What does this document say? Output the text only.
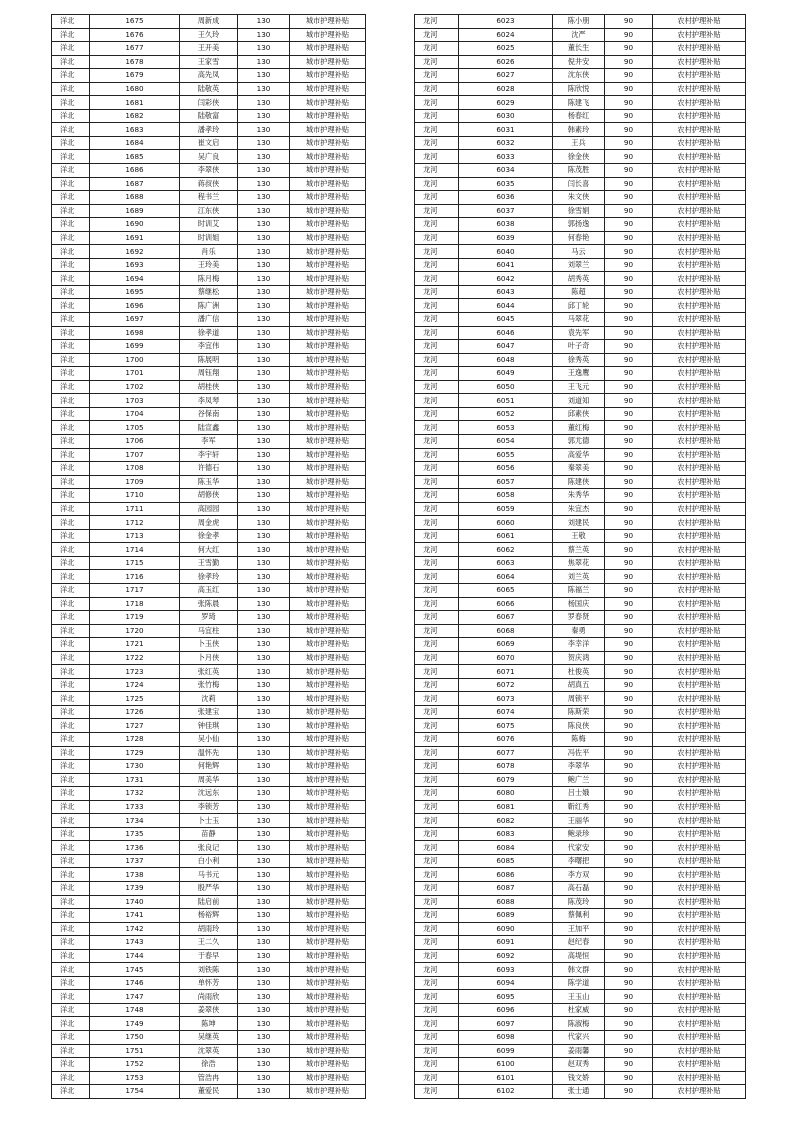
洋北	1675	周新成	130	城市护理补贴
洋北	1676	王久玲	130	城市护理补贴
洋北	1677	王开美	130	城市护理补贴
洋北	1678	王家雪	130	城市护理补贴
洋北	1679	高先凤	130	城市护理补贴
洋北	1680	陆敬英	130	城市护理补贴
洋北	1681	闫彩侠	130	城市护理补贴
洋北	1682	陆敬富	130	城市护理补贴
洋北	1683	潘孝玲	130	城市护理补贴
洋北	1684	崔文启	130	城市护理补贴
洋北	1685	吴广良	130	城市护理补贴
洋北	1686	李翠侠	130	城市护理补贴
洋北	1687	蒋叔侠	130	城市护理补贴
洋北	1688	程书兰	130	城市护理补贴
洋北	1689	江东侠	130	城市护理补贴
洋北	1690	时训艾	130	城市护理补贴
洋北	1691	时训姐	130	城市护理补贴
洋北	1692	肖乐	130	城市护理补贴
洋北	1693	王玲美	130	城市护理补贴
洋北	1694	陈月梅	130	城市护理补贴
洋北	1695	蔡继松	130	城市护理补贴
洋北	1696	陈广洲	130	城市护理补贴
洋北	1697	潘广信	130	城市护理补贴
洋北	1698	徐孝道	130	城市护理补贴
洋北	1699	李宜伟	130	城市护理补贴
洋北	1700	陈展明	130	城市护理补贴
洋北	1701	周钰翔	130	城市护理补贴
洋北	1702	胡桂侠	130	城市护理补贴
洋北	1703	李凤琴	130	城市护理补贴
洋北	1704	谷保南	130	城市护理补贴
洋北	1705	陆宣鑫	130	城市护理补贴
洋北	1706	李军	130	城市护理补贴
洋北	1707	李宇轩	130	城市护理补贴
洋北	1708	许德石	130	城市护理补贴
洋北	1709	陈玉华	130	城市护理补贴
洋北	1710	胡修侠	130	城市护理补贴
洋北	1711	高园园	130	城市护理补贴
洋北	1712	周金虎	130	城市护理补贴
洋北	1713	徐金孝	130	城市护理补贴
洋北	1714	何大红	130	城市护理补贴
洋北	1715	王雪勤	130	城市护理补贴
洋北	1716	徐孝玲	130	城市护理补贴
洋北	1717	高玉红	130	城市护理补贴
洋北	1718	张陈晨	130	城市护理补贴
洋北	1719	罗琦	130	城市护理补贴
洋北	1720	马宜柱	130	城市护理补贴
洋北	1721	卜玉侠	130	城市护理补贴
洋北	1722	卜月侠	130	城市护理补贴
洋北	1723	张红英	130	城市护理补贴
洋北	1724	张竹梅	130	城市护理补贴
洋北	1725	沈莉	130	城市护理补贴
洋北	1726	张建宝	130	城市护理补贴
洋北	1727	钟佳琪	130	城市护理补贴
洋北	1728	吴小仙	130	城市护理补贴
洋北	1729	温怀先	130	城市护理补贴
洋北	1730	何艳辉	130	城市护理补贴
洋北	1731	周美华	130	城市护理补贴
洋北	1732	沈远东	130	城市护理补贴
洋北	1733	李锁芳	130	城市护理补贴
洋北	1734	卜士玉	130	城市护理补贴
洋北	1735	苗静	130	城市护理补贴
洋北	1736	张良记	130	城市护理补贴
洋北	1737	白小利	130	城市护理补贴
洋北	1738	马书元	130	城市护理补贴
洋北	1739	殷严华	130	城市护理补贴
洋北	1740	陆启前	130	城市护理补贴
洋北	1741	杨裕辉	130	城市护理补贴
洋北	1742	胡雨玲	130	城市护理补贴
洋北	1743	王二久	130	城市护理补贴
洋北	1744	于春早	130	城市护理补贴
洋北	1745	刘铁陈	130	城市护理补贴
洋北	1746	单怀芳	130	城市护理补贴
洋北	1747	尚雨欣	130	城市护理补贴
洋北	1748	姜翠侠	130	城市护理补贴
洋北	1749	陈坤	130	城市护理补贴
洋北	1750	吴继英	130	城市护理补贴
洋北	1751	沈翠英	130	城市护理补贴
洋北	1752	徐浩	130	城市护理补贴
洋北	1753	管浩冉	130	城市护理补贴
洋北	1754	董爱民	130	城市护理补贴
龙河	6023	陈小朋	90	农村护理补贴
龙河	6024	沈严	90	农村护理补贴
龙河	6025	董长生	90	农村护理补贴
龙河	6026	倪井安	90	农村护理补贴
龙河	6027	沈东侠	90	农村护理补贴
龙河	6028	陈欣悦	90	农村护理补贴
龙河	6029	陈建飞	90	农村护理补贴
龙河	6030	杨春红	90	农村护理补贴
龙河	6031	韩素玲	90	农村护理补贴
龙河	6032	王兵	90	农村护理补贴
龙河	6033	徐金侠	90	农村护理补贴
龙河	6034	陈茂胜	90	农村护理补贴
龙河	6035	闫长喜	90	农村护理补贴
龙河	6036	朱文侠	90	农村护理补贴
龙河	6037	徐雪娟	90	农村护理补贴
龙河	6038	郭扬逸	90	农村护理补贴
龙河	6039	何春艳	90	农村护理补贴
龙河	6040	马云	90	农村护理补贴
龙河	6041	刘翠兰	90	农村护理补贴
龙河	6042	胡秀英	90	农村护理补贴
龙河	6043	陈超	90	农村护理补贴
龙河	6044	邱丁轮	90	农村护理补贴
龙河	6045	马翠花	90	农村护理补贴
龙河	6046	袁先军	90	农村护理补贴
龙河	6047	叶子奇	90	农村护理补贴
龙河	6048	徐秀英	90	农村护理补贴
龙河	6049	王逸鹰	90	农村护理补贴
龙河	6050	王飞元	90	农村护理补贴
龙河	6051	刘道知	90	农村护理补贴
龙河	6052	邱素侠	90	农村护理补贴
龙河	6053	董红梅	90	农村护理补贴
龙河	6054	郭尤德	90	农村护理补贴
龙河	6055	高爱华	90	农村护理补贴
龙河	6056	秦翠美	90	农村护理补贴
龙河	6057	陈建侠	90	农村护理补贴
龙河	6058	朱秀华	90	农村护理补贴
龙河	6059	朱宜杰	90	农村护理补贴
龙河	6060	刘建民	90	农村护理补贴
龙河	6061	王敬	90	农村护理补贴
龙河	6062	蔡兰英	90	农村护理补贴
龙河	6063	焦翠花	90	农村护理补贴
龙河	6064	刘兰英	90	农村护理补贴
龙河	6065	陈福兰	90	农村护理补贴
龙河	6066	杨国庆	90	农村护理补贴
龙河	6067	罗春贤	90	农村护理补贴
龙河	6068	秦勇	90	农村护理补贴
龙河	6069	李幸洋	90	农村护理补贴
龙河	6070	贺庆鸿	90	农村护理补贴
龙河	6071	杜俊英	90	农村护理补贴
龙河	6072	胡真五	90	农村护理补贴
龙河	6073	周锁平	90	农村护理补贴
龙河	6074	陈斯荣	90	农村护理补贴
龙河	6075	陈良侠	90	农村护理补贴
龙河	6076	陈梅	90	农村护理补贴
龙河	6077	冯佐平	90	农村护理补贴
龙河	6078	李翠华	90	农村护理补贴
龙河	6079	鲍广兰	90	农村护理补贴
龙河	6080	吕士娥	90	农村护理补贴
龙河	6081	靳红秀	90	农村护理补贴
龙河	6082	王丽华	90	农村护理补贴
龙河	6083	鲍录珍	90	农村护理补贴
龙河	6084	代家安	90	农村护理补贴
龙河	6085	李曙把	90	农村护理补贴
龙河	6086	李方双	90	农村护理补贴
龙河	6087	高石磊	90	农村护理补贴
龙河	6088	陈茂玲	90	农村护理补贴
龙河	6089	蔡佩利	90	农村护理补贴
龙河	6090	王加平	90	农村护理补贴
龙河	6091	赵纪春	90	农村护理补贴
龙河	6092	高堤恒	90	农村护理补贴
龙河	6093	韩文群	90	农村护理补贴
龙河	6094	陈学道	90	农村护理补贴
龙河	6095	王玉山	90	农村护理补贴
龙河	6096	杜家威	90	农村护理补贴
龙河	6097	陈淑梅	90	农村护理补贴
龙河	6098	代家兴	90	农村护理补贴
龙河	6099	姜雨馨	90	农村护理补贴
龙河	6100	赵双秀	90	农村护理补贴
龙河	6101	钱文娇	90	农村护理补贴
龙河	6102	张士通	90	农村护理补贴
